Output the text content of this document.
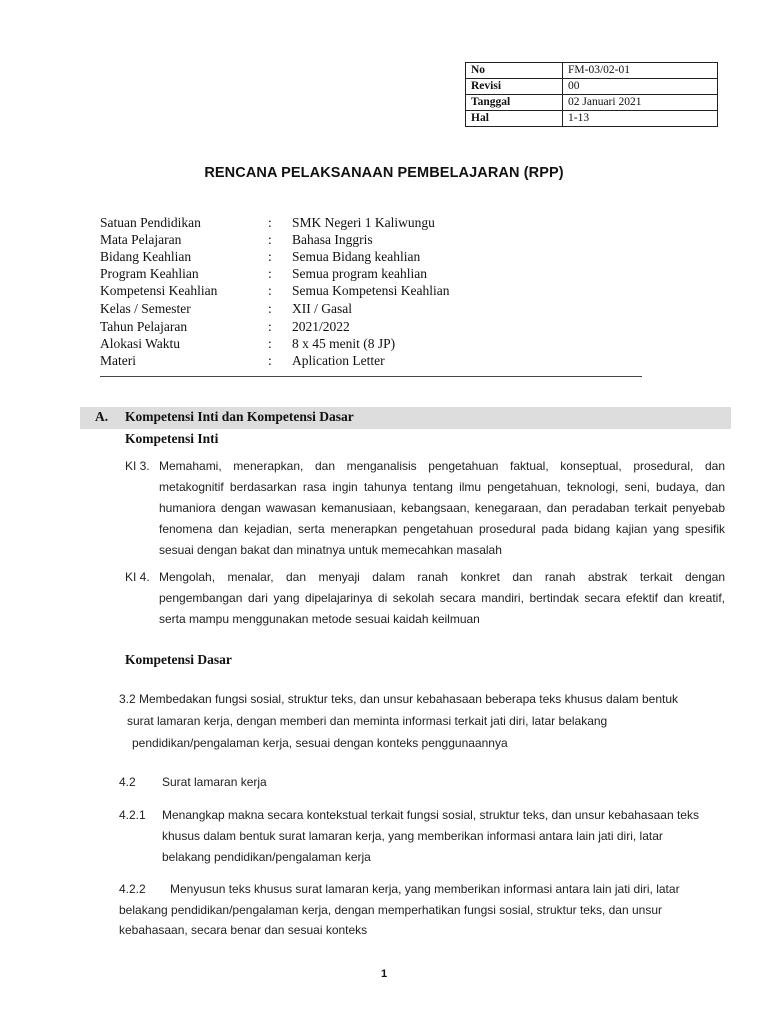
No	FM-03/02-01
Revisi	00
Tanggal	02 Januari 2021
Hal	1-13
RENCANA PELAKSANAAN PEMBELAJARAN (RPP)
Satuan Pendidikan	: SMK Negeri 1 Kaliwungu
Mata Pelajaran	: Bahasa Inggris
Bidang Keahlian	: Semua Bidang keahlian
Program Keahlian	: Semua program keahlian
Kompetensi Keahlian	: Semua Kompetensi Keahlian
Kelas / Semester	: XII / Gasal
Tahun Pelajaran	: 2021/2022
Alokasi Waktu	: 8 x 45 menit (8 JP)
Materi	: Aplication Letter
A. Kompetensi Inti dan Kompetensi Dasar
Kompetensi Inti
KI 3. Memahami, menerapkan, dan menganalisis pengetahuan faktual, konseptual, prosedural, dan
metakognitif berdasarkan rasa ingin tahunya tentang ilmu pengetahuan, teknologi, seni, budaya, dan
humaniora dengan wawasan kemanusiaan, kebangsaan, kenegaraan, dan peradaban terkait penyebab
fenomena dan kejadian, serta menerapkan pengetahuan prosedural pada bidang kajian yang spesifik
sesuai dengan bakat dan minatnya untuk memecahkan masalah
KI 4. Mengolah, menalar, dan menyaji dalam ranah konkret dan ranah abstrak terkait dengan
pengembangan dari yang dipelajarinya di sekolah secara mandiri, bertindak secara efektif dan kreatif,
serta mampu menggunakan metode sesuai kaidah keilmuan
Kompetensi Dasar
3.2 Membedakan fungsi sosial, struktur teks, dan unsur kebahasaan beberapa teks khusus dalam bentuk
surat lamaran kerja, dengan memberi dan meminta informasi terkait jati diri, latar belakang
pendidikan/pengalaman kerja, sesuai dengan konteks penggunaannya
4.2 Surat lamaran kerja
4.2.1 Menangkap makna secara kontekstual terkait fungsi sosial, struktur teks, dan unsur kebahasaan teks
khusus dalam bentuk surat lamaran kerja, yang memberikan informasi antara lain jati diri, latar
belakang pendidikan/pengalaman kerja
4.2.2 Menyusun teks khusus surat lamaran kerja, yang memberikan informasi antara lain jati diri, latar
belakang pendidikan/pengalaman kerja, dengan memperhatikan fungsi sosial, struktur teks, dan unsur
kebahasaan, secara benar dan sesuai konteks
1
